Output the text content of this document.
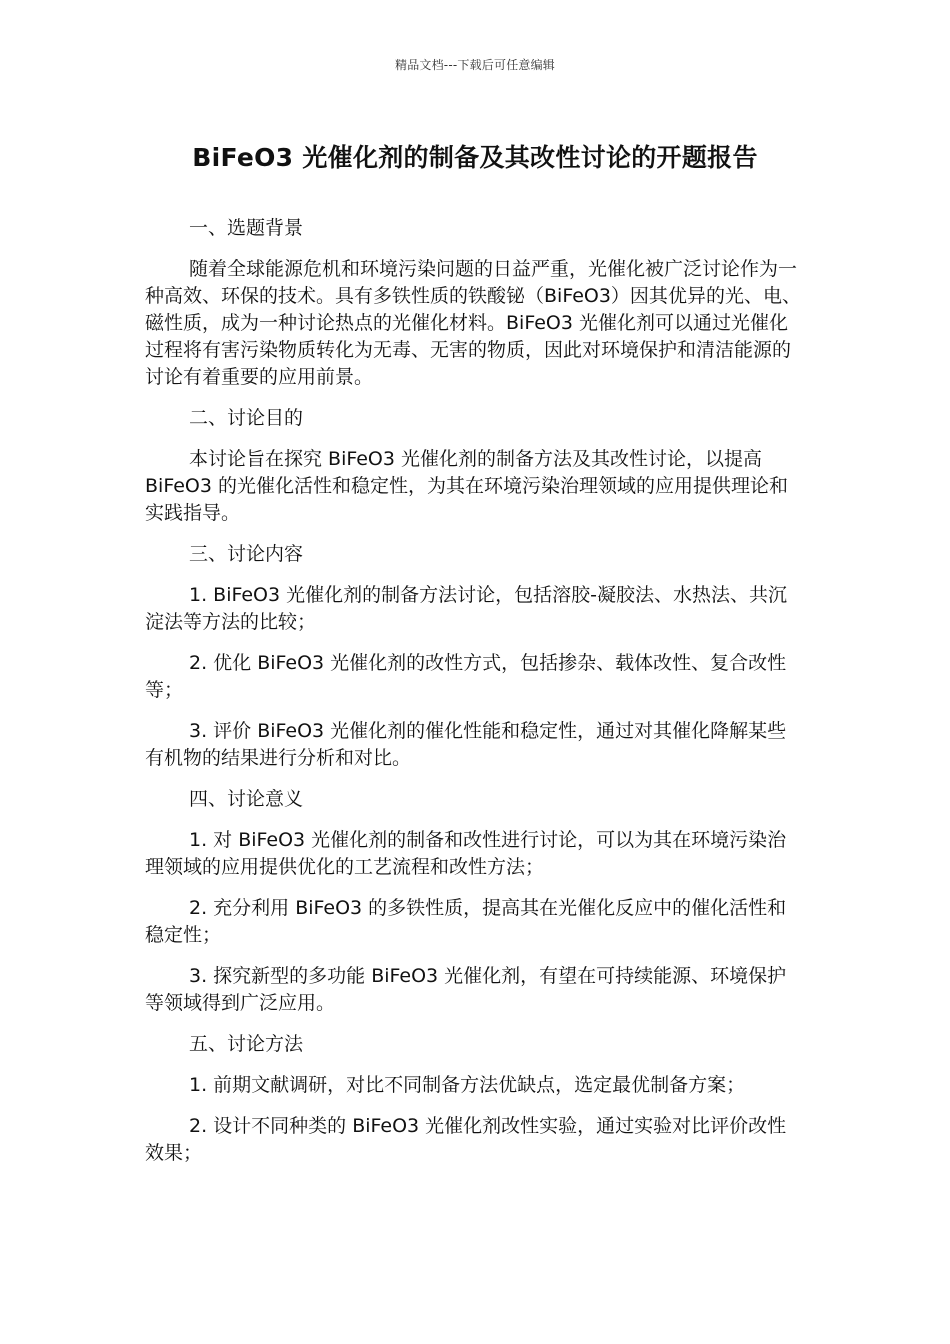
精品文档---下载后可任意编辑
BiFeO3 光催化剂的制备及其改性讨论的开题报告

一、选题背景

随着全球能源危机和环境污染问题的日益严重，光催化被广泛讨论作为一种高效、环保的技术。具有多铁性质的铁酸铋（BiFeO3）因其优异的光、电、磁性质，成为一种讨论热点的光催化材料。BiFeO3 光催化剂可以通过光催化过程将有害污染物质转化为无毒、无害的物质，因此对环境保护和清洁能源的讨论有着重要的应用前景。

二、讨论目的

本讨论旨在探究 BiFeO3 光催化剂的制备方法及其改性讨论，以提高 BiFeO3 的光催化活性和稳定性，为其在环境污染治理领域的应用提供理论和实践指导。

三、讨论内容

1. BiFeO3 光催化剂的制备方法讨论，包括溶胶-凝胶法、水热法、共沉淀法等方法的比较；

2. 优化 BiFeO3 光催化剂的改性方式，包括掺杂、载体改性、复合改性等；

3. 评价 BiFeO3 光催化剂的催化性能和稳定性，通过对其催化降解某些有机物的结果进行分析和对比。

四、讨论意义

1. 对 BiFeO3 光催化剂的制备和改性进行讨论，可以为其在环境污染治理领域的应用提供优化的工艺流程和改性方法；

2. 充分利用 BiFeO3 的多铁性质，提高其在光催化反应中的催化活性和稳定性；

3. 探究新型的多功能 BiFeO3 光催化剂，有望在可持续能源、环境保护等领域得到广泛应用。

五、讨论方法

1. 前期文献调研，对比不同制备方法优缺点，选定最优制备方案；

2. 设计不同种类的 BiFeO3 光催化剂改性实验，通过实验对比评价改性效果；
